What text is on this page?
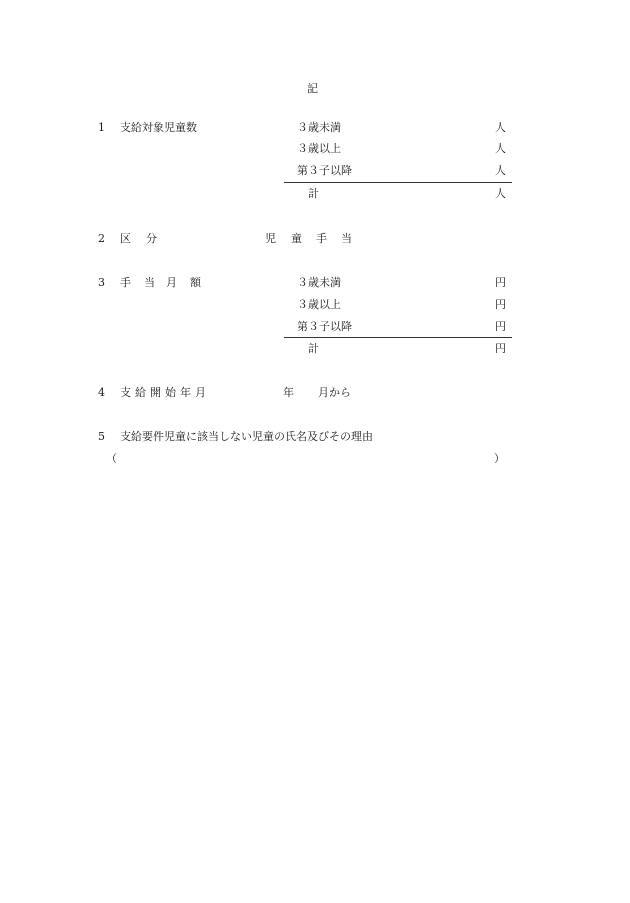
記
1 支給対象児童数	３歳未満	人
３歳以上	人
第３子以降	人
計	人
2 区 分	児 童 手 当
3 手 当 月 額	３歳未満	円
３歳以上	円
第３子以降	円
計	円
4 支 給 開 始 年 月	年 月から
5 支給要件児童に該当しない児童の氏名及びその理由
（	）
